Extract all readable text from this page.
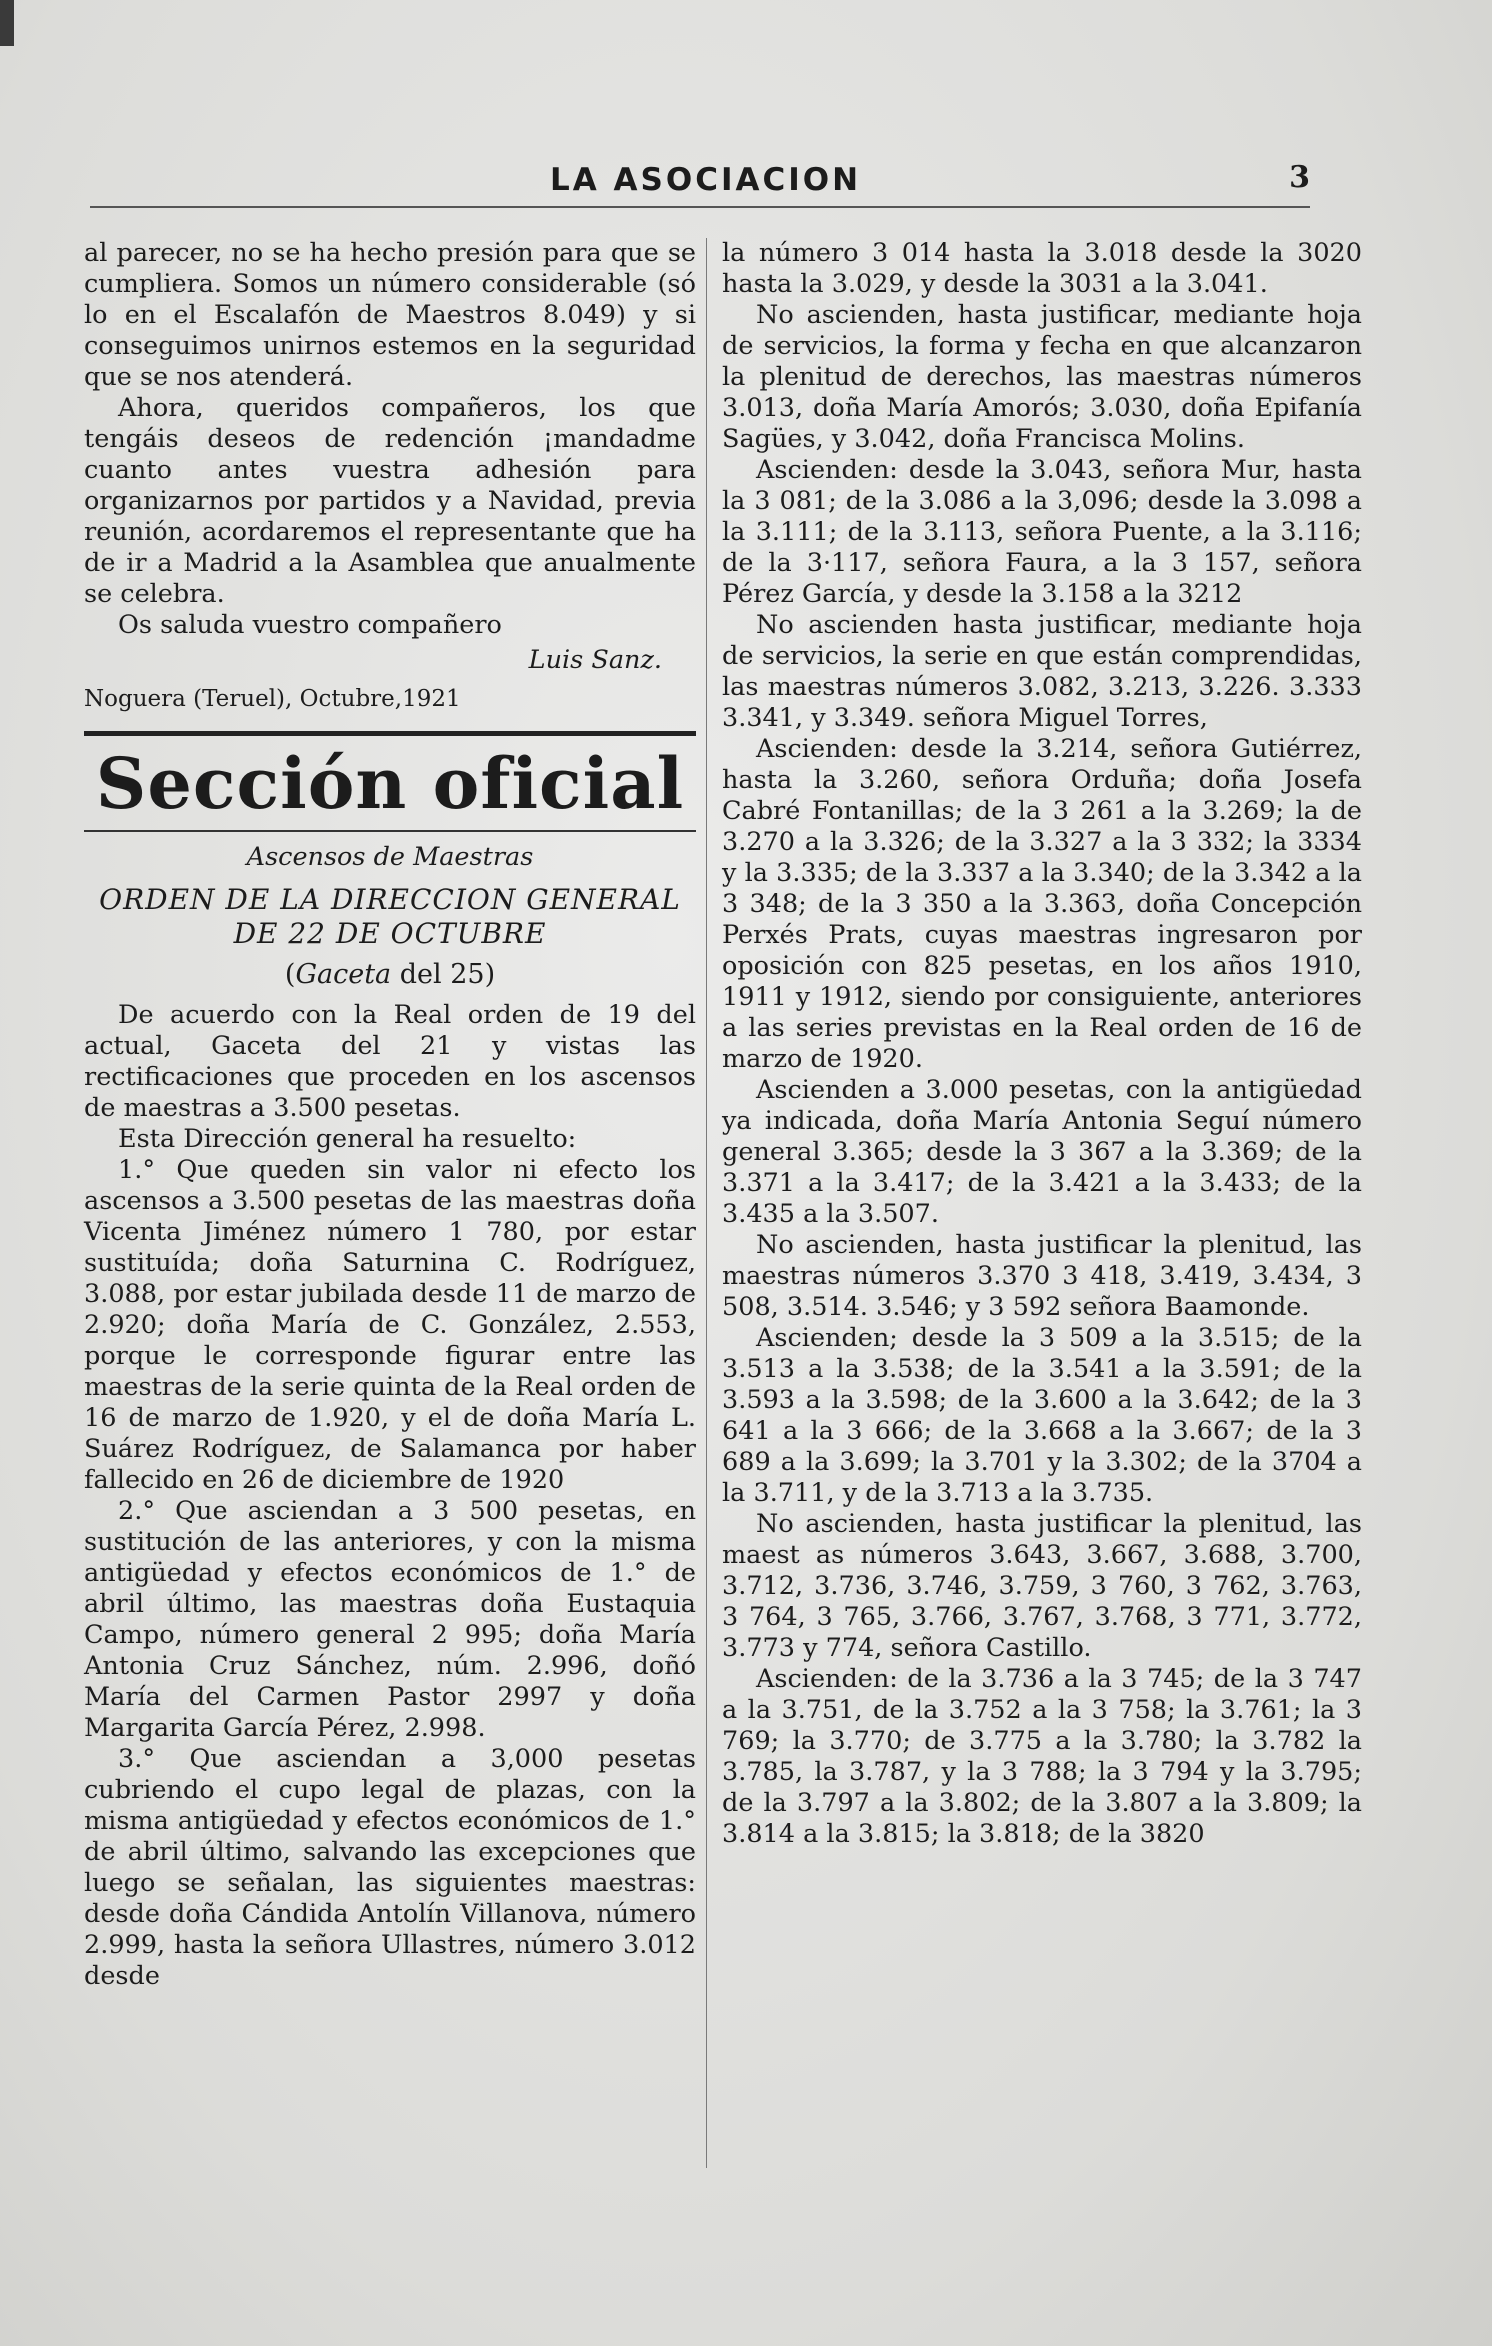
LA ASOCIACION	3

al parecer, no se ha hecho presión para que se cumpliera. Somos un número considerable (só lo en el Escalafón de Maestros 8.049) y si conseguimos unirnos estemos en la seguridad que se nos atenderá.

Ahora, queridos compañeros, los que tengáis deseos de redención ¡mandadme cuanto antes vuestra adhesión para organizarnos por partidos y a Navidad, previa reunión, acordaremos el representante que ha de ir a Madrid a la Asamblea que anualmente se celebra.

Os saluda vuestro compañero

Luis Sanz.

Noguera (Teruel), Octubre,1921

Sección oficial

Ascensos de Maestras

ORDEN DE LA DIRECCION GENERAL DE 22 DE OCTUBRE

(Gaceta del 25)

De acuerdo con la Real orden de 19 del actual, Gaceta del 21 y vistas las rectificaciones que proceden en los ascensos de maestras a 3.500 pesetas.

Esta Dirección general ha resuelto:

1.° Que queden sin valor ni efecto los ascensos a 3.500 pesetas de las maestras doña Vicenta Jiménez número 1 780, por estar sustituída; doña Saturnina C. Rodríguez, 3.088, por estar jubilada desde 11 de marzo de 2.920; doña María de C. González, 2.553, porque le corresponde figurar entre las maestras de la serie quinta de la Real orden de 16 de marzo de 1.920, y el de doña María L. Suárez Rodríguez, de Salamanca por haber fallecido en 26 de diciembre de 1920

2.° Que asciendan a 3 500 pesetas, en sustitución de las anteriores, y con la misma antigüedad y efectos económicos de 1.° de abril último, las maestras doña Eustaquia Campo, número general 2 995; doña María Antonia Cruz Sánchez, núm. 2.996, doñó María del Carmen Pastor 2997 y doña Margarita García Pérez, 2.998.

3.° Que asciendan a 3,000 pesetas cubriendo el cupo legal de plazas, con la misma antigüedad y efectos económicos de 1.° de abril último, salvando las excepciones que luego se señalan, las siguientes maestras: desde doña Cándida Antolín Villanova, número 2.999, hasta la señora Ullastres, número 3.012 desde

la número 3 014 hasta la 3.018 desde la 3020 hasta la 3.029, y desde la 3031 a la 3.041.

No ascienden, hasta justificar, mediante hoja de servicios, la forma y fecha en que alcanzaron la plenitud de derechos, las maestras números 3.013, doña María Amorós; 3.030, doña Epifanía Sagües, y 3.042, doña Francisca Molins.

Ascienden: desde la 3.043, señora Mur, hasta la 3 081; de la 3.086 a la 3,096; desde la 3.098 a la 3.111; de la 3.113, señora Puente, a la 3.116; de la 3·117, señora Faura, a la 3 157, señora Pérez García, y desde la 3.158 a la 3212

No ascienden hasta justificar, mediante hoja de servicios, la serie en que están comprendidas, las maestras números 3.082, 3.213, 3.226. 3.333 3.341, y 3.349. señora Miguel Torres,

Ascienden: desde la 3.214, señora Gutiérrez, hasta la 3.260, señora Orduña; doña Josefa Cabré Fontanillas; de la 3 261 a la 3.269; la de 3.270 a la 3.326; de la 3.327 a la 3 332; la 3334 y la 3.335; de la 3.337 a la 3.340; de la 3.342 a la 3 348; de la 3 350 a la 3.363, doña Concepción Perxés Prats, cuyas maestras ingresaron por oposición con 825 pesetas, en los años 1910, 1911 y 1912, siendo por consiguiente, anteriores a las series previstas en la Real orden de 16 de marzo de 1920.

Ascienden a 3.000 pesetas, con la antigüedad ya indicada, doña María Antonia Seguí número general 3.365; desde la 3 367 a la 3.369; de la 3.371 a la 3.417; de la 3.421 a la 3.433; de la 3.435 a la 3.507.

No ascienden, hasta justificar la plenitud, las maestras números 3.370 3 418, 3.419, 3.434, 3 508, 3.514. 3.546; y 3 592 señora Baamonde.

Ascienden; desde la 3 509 a la 3.515; de la 3.513 a la 3.538; de la 3.541 a la 3.591; de la 3.593 a la 3.598; de la 3.600 a la 3.642; de la 3 641 a la 3 666; de la 3.668 a la 3.667; de la 3 689 a la 3.699; la 3.701 y la 3.302; de la 3704 a la 3.711, y de la 3.713 a la 3.735.

No ascienden, hasta justificar la plenitud, las maest as números 3.643, 3.667, 3.688, 3.700, 3.712, 3.736, 3.746, 3.759, 3 760, 3 762, 3.763, 3 764, 3 765, 3.766, 3.767, 3.768, 3 771, 3.772, 3.773 y 774, señora Castillo.

Ascienden: de la 3.736 a la 3 745; de la 3 747 a la 3.751, de la 3.752 a la 3 758; la 3.761; la 3 769; la 3.770; de 3.775 a la 3.780; la 3.782 la 3.785, la 3.787, y la 3 788; la 3 794 y la 3.795; de la 3.797 a la 3.802; de la 3.807 a la 3.809; la 3.814 a la 3.815; la 3.818; de la 3820
